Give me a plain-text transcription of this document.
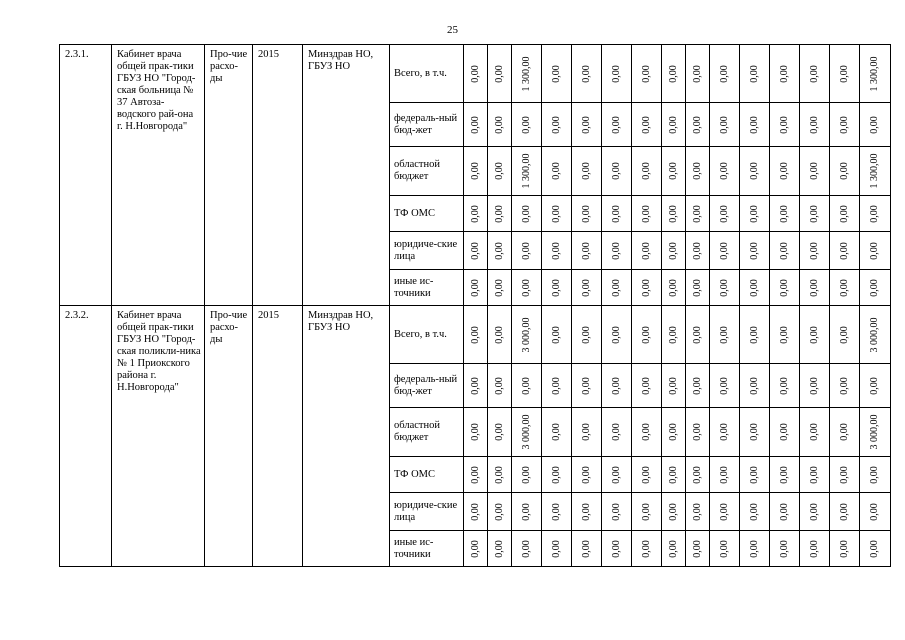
25
2.3.1.	Кабинет врача общей прак-тики ГБУЗ НО "Город-ская больница № 37 Автоза-водского рай-она г. Н.Новгорода"	Про-чие расхо-ды	2015	Минздрав НО, ГБУЗ НО	Всего, в т.ч.	0,00	0,00	1 300,00	0,00	0,00	0,00	0,00	0,00	0,00	0,00	0,00	0,00	0,00	0,00	1 300,00

					федераль-ный бюд-жет	0,00	0,00	0,00	0,00	0,00	0,00	0,00	0,00	0,00	0,00	0,00	0,00	0,00	0,00	0,00

					областной бюджет	0,00	0,00	1 300,00	0,00	0,00	0,00	0,00	0,00	0,00	0,00	0,00	0,00	0,00	0,00	1 300,00

					ТФ ОМС	0,00	0,00	0,00	0,00	0,00	0,00	0,00	0,00	0,00	0,00	0,00	0,00	0,00	0,00	0,00

					юридиче-ские лица	0,00	0,00	0,00	0,00	0,00	0,00	0,00	0,00	0,00	0,00	0,00	0,00	0,00	0,00	0,00

					иные ис-точники	0,00	0,00	0,00	0,00	0,00	0,00	0,00	0,00	0,00	0,00	0,00	0,00	0,00	0,00	0,00

2.3.2.	Кабинет врача общей прак-тики ГБУЗ НО "Город-ская поликли-ника № 1 Приокского района г. Н.Новгорода"	Про-чие расхо-ды	2015	Минздрав НО, ГБУЗ НО	Всего, в т.ч.	0,00	0,00	3 000,00	0,00	0,00	0,00	0,00	0,00	0,00	0,00	0,00	0,00	0,00	0,00	3 000,00

					федераль-ный бюд-жет	0,00	0,00	0,00	0,00	0,00	0,00	0,00	0,00	0,00	0,00	0,00	0,00	0,00	0,00	0,00

					областной бюджет	0,00	0,00	3 000,00	0,00	0,00	0,00	0,00	0,00	0,00	0,00	0,00	0,00	0,00	0,00	3 000,00

					ТФ ОМС	0,00	0,00	0,00	0,00	0,00	0,00	0,00	0,00	0,00	0,00	0,00	0,00	0,00	0,00	0,00

					юридиче-ские лица	0,00	0,00	0,00	0,00	0,00	0,00	0,00	0,00	0,00	0,00	0,00	0,00	0,00	0,00	0,00

					иные ис-точники	0,00	0,00	0,00	0,00	0,00	0,00	0,00	0,00	0,00	0,00	0,00	0,00	0,00	0,00	0,00
